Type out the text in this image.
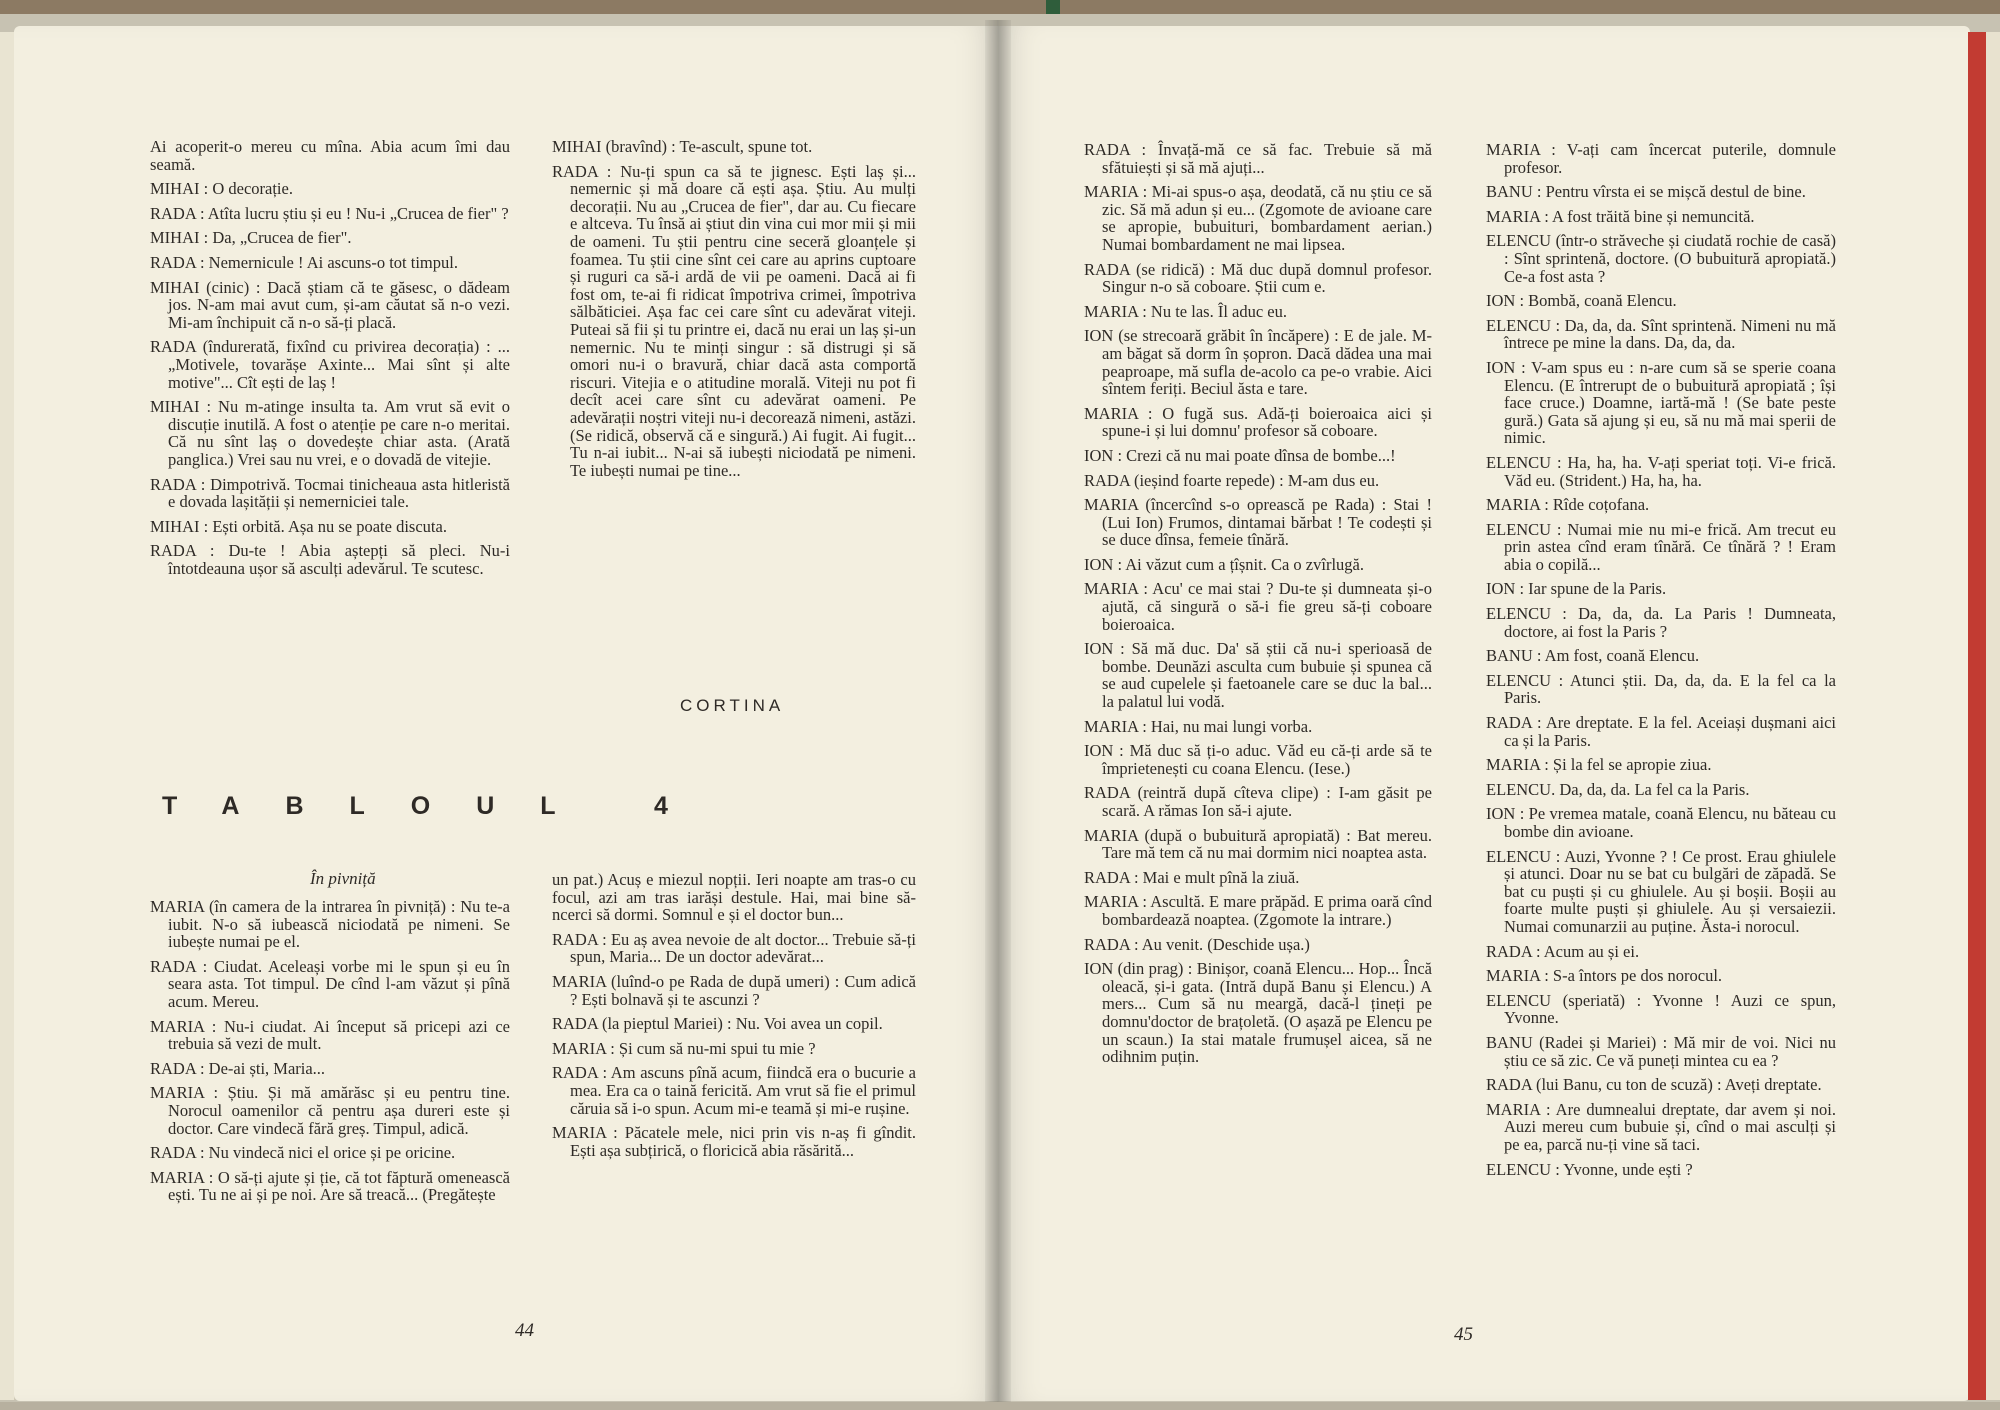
Ai acoperit-o mereu cu mîna. Abia acum îmi dau seamă.

MIHAI : O decorație.

RADA : Atîta lucru știu și eu ! Nu-i „Crucea de fier" ?

MIHAI : Da, „Crucea de fier".

RADA : Nemernicule ! Ai ascuns-o tot timpul.

MIHAI (cinic) : Dacă știam că te găsesc, o dădeam jos. N-am mai avut cum, și-am căutat să n-o vezi. Mi-am închipuit că n-o să-ți placă.

RADA (îndurerată, fixînd cu privirea decorația) : ...„Motivele, tovarășe Axinte... Mai sînt și alte motive"... Cît ești de laș !

MIHAI : Nu m-atinge insulta ta. Am vrut să evit o discuție inutilă. A fost o atenție pe care n-o meritai. Că nu sînt laș o dovedește chiar asta. (Arată panglica.) Vrei sau nu vrei, e o dovadă de vitejie.

RADA : Dimpotrivă. Tocmai tinicheaua asta hitleristă e dovada lașității și nemerniciei tale.

MIHAI : Ești orbită. Așa nu se poate discuta.

RADA : Du-te ! Abia aștepți să pleci. Nu-i întotdeauna ușor să asculți adevărul. Te scutesc.

MIHAI (bravînd) : Te-ascult, spune tot.

RADA : Nu-ți spun ca să te jignesc. Ești laș și... nemernic și mă doare că ești așa. Știu. Au mulți decorații. Nu au „Crucea de fier", dar au. Cu fiecare e altceva. Tu însă ai știut din vina cui mor mii și mii de oameni. Tu știi pentru cine seceră gloanțele și foamea. Tu știi cine sînt cei care au aprins cuptoare și ruguri ca să-i ardă de vii pe oameni. Dacă ai fi fost om, te-ai fi ridicat împotriva crimei, împotriva sălbăticiei. Așa fac cei care sînt cu adevărat viteji. Puteai să fii și tu printre ei, dacă nu erai un laș și-un nemernic. Nu te minți singur : să distrugi și să omori nu-i o bravură, chiar dacă asta comportă riscuri. Vitejia e o atitudine morală. Viteji nu pot fi decît acei care sînt cu adevărat oameni. Pe adevărații noștri viteji nu-i decorează nimeni, astăzi. (Se ridică, observă că e singură.) Ai fugit. Ai fugit... Tu n-ai iubit... N-ai să iubești niciodată pe nimeni. Te iubești numai pe tine...

CORTINA
TABLOUL 4
În pivniță

MARIA (în camera de la intrarea în pivniță) : Nu te-a iubit. N-o să iubească niciodată pe nimeni. Se iubește numai pe el.

RADA : Ciudat. Aceleași vorbe mi le spun și eu în seara asta. Tot timpul. De cînd l-am văzut și pînă acum. Mereu.

MARIA : Nu-i ciudat. Ai început să pricepi azi ce trebuia să vezi de mult.

RADA : De-ai ști, Maria...

MARIA : Știu. Și mă amărăsc și eu pentru tine. Norocul oamenilor că pentru așa dureri este și doctor. Care vindecă fără greș. Timpul, adică.

RADA : Nu vindecă nici el orice și pe oricine.

MARIA : O să-ți ajute și ție, că tot făptură omenească ești. Tu ne ai și pe noi. Are să treacă... (Pregătește

un pat.) Acuș e miezul nopții. Ieri noapte am tras-o cu focul, azi am tras iarăși destule. Hai, mai bine să-ncerci să dormi. Somnul e și el doctor bun...

RADA : Eu aș avea nevoie de alt doctor... Trebuie să-ți spun, Maria... De un doctor adevărat...

MARIA (luînd-o pe Rada de după umeri) : Cum adică ? Ești bolnavă și te ascunzi ?

RADA (la pieptul Mariei) : Nu. Voi avea un copil.

MARIA : Și cum să nu-mi spui tu mie ?

RADA : Am ascuns pînă acum, fiindcă era o bucurie a mea. Era ca o taină fericită. Am vrut să fie el primul căruia să i-o spun. Acum mi-e teamă și mi-e rușine.

MARIA : Păcatele mele, nici prin vis n-aș fi gîndit. Ești așa subțirică, o floricică abia răsărită...

44

RADA : Învață-mă ce să fac. Trebuie să mă sfătuiești și să mă ajuți...

MARIA : Mi-ai spus-o așa, deodată, că nu știu ce să zic. Să mă adun și eu... (Zgomote de avioane care se apropie, bubuituri, bombardament aerian.) Numai bombardament ne mai lipsea.

RADA (se ridică) : Mă duc după domnul profesor. Singur n-o să coboare. Știi cum e.

MARIA : Nu te las. Îl aduc eu.

ION (se strecoară grăbit în încăpere) : E de jale. M-am băgat să dorm în șopron. Dacă dădea una mai peaproape, mă sufla de-acolo ca pe-o vrabie. Aici sîntem feriți. Beciul ăsta e tare.

MARIA : O fugă sus. Adă-ți boieroaica aici și spune-i și lui domnu' profesor să coboare.

ION : Crezi că nu mai poate dînsa de bombe...!

RADA (ieșind foarte repede) : M-am dus eu.

MARIA (încercînd s-o oprească pe Rada) : Stai ! (Lui Ion) Frumos, dintamai bărbat ! Te codești și se duce dînsa, femeie tînără.

ION : Ai văzut cum a țîșnit. Ca o zvîrlugă.

MARIA : Acu' ce mai stai ? Du-te și dumneata și-o ajută, că singură o să-i fie greu să-ți coboare boieroaica.

ION : Să mă duc. Da' să știi că nu-i sperioasă de bombe. Deunăzi asculta cum bubuie și spunea că se aud cupelele și faetoanele care se duc la bal... la palatul lui vodă.

MARIA : Hai, nu mai lungi vorba.

ION : Mă duc să ți-o aduc. Văd eu că-ți arde să te împrietenești cu coana Elencu. (Iese.)

RADA (reintră după cîteva clipe) : I-am găsit pe scară. A rămas Ion să-i ajute.

MARIA (după o bubuitură apropiată) : Bat mereu. Tare mă tem că nu mai dormim nici noaptea asta.

RADA : Mai e mult pînă la ziuă.

MARIA : Ascultă. E mare prăpăd. E prima oară cînd bombardează noaptea. (Zgomote la intrare.)

RADA : Au venit. (Deschide ușa.)

ION (din prag) : Binișor, coană Elencu... Hop... Încă oleacă, și-i gata. (Intră după Banu și Elencu.) A mers... Cum să nu meargă, dacă-l țineți pe domnu'doctor de brațoletă. (O așază pe Elencu pe un scaun.) Ia stai matale frumușel aicea, să ne odihnim puțin.

MARIA : V-ați cam încercat puterile, domnule profesor.

BANU : Pentru vîrsta ei se mișcă destul de bine.

MARIA : A fost trăită bine și nemuncită.

ELENCU (într-o străveche și ciudată rochie de casă) : Sînt sprintenă, doctore. (O bubuitură apropiată.) Ce-a fost asta ?

ION : Bombă, coană Elencu.

ELENCU : Da, da, da. Sînt sprintenă. Nimeni nu mă întrece pe mine la dans. Da, da, da.

ION : V-am spus eu : n-are cum să se sperie coana Elencu. (E întrerupt de o bubuitură apropiată ; își face cruce.) Doamne, iartă-mă ! (Se bate peste gură.) Gata să ajung și eu, să nu mă mai sperii de nimic.

ELENCU : Ha, ha, ha. V-ați speriat toți. Vi-e frică. Văd eu. (Strident.) Ha, ha, ha.

MARIA : Rîde coțofana.

ELENCU : Numai mie nu mi-e frică. Am trecut eu prin astea cînd eram tînără. Ce tînără ? ! Eram abia o copilă...

ION : Iar spune de la Paris.

ELENCU : Da, da, da. La Paris ! Dumneata, doctore, ai fost la Paris ?

BANU : Am fost, coană Elencu.

ELENCU : Atunci știi. Da, da, da. E la fel ca la Paris.

RADA : Are dreptate. E la fel. Aceiași dușmani aici ca și la Paris.

MARIA : Și la fel se apropie ziua.

ELENCU. Da, da, da. La fel ca la Paris.

ION : Pe vremea matale, coană Elencu, nu băteau cu bombe din avioane.

ELENCU : Auzi, Yvonne ? ! Ce prost. Erau ghiulele și atunci. Doar nu se bat cu bulgări de zăpadă. Se bat cu puști și cu ghiulele. Au și boșii. Boșii au foarte multe puști și ghiulele. Au și versaiezii. Numai comunarzii au puține. Ăsta-i norocul.

RADA : Acum au și ei.

MARIA : S-a întors pe dos norocul.

ELENCU (speriată) : Yvonne ! Auzi ce spun, Yvonne.

BANU (Radei și Mariei) : Mă mir de voi. Nici nu știu ce să zic. Ce vă puneți mintea cu ea ?

RADA (lui Banu, cu ton de scuză) : Aveți dreptate.

MARIA : Are dumnealui dreptate, dar avem și noi. Auzi mereu cum bubuie și, cînd o mai asculți și pe ea, parcă nu-ți vine să taci.

ELENCU : Yvonne, unde ești ?

45
